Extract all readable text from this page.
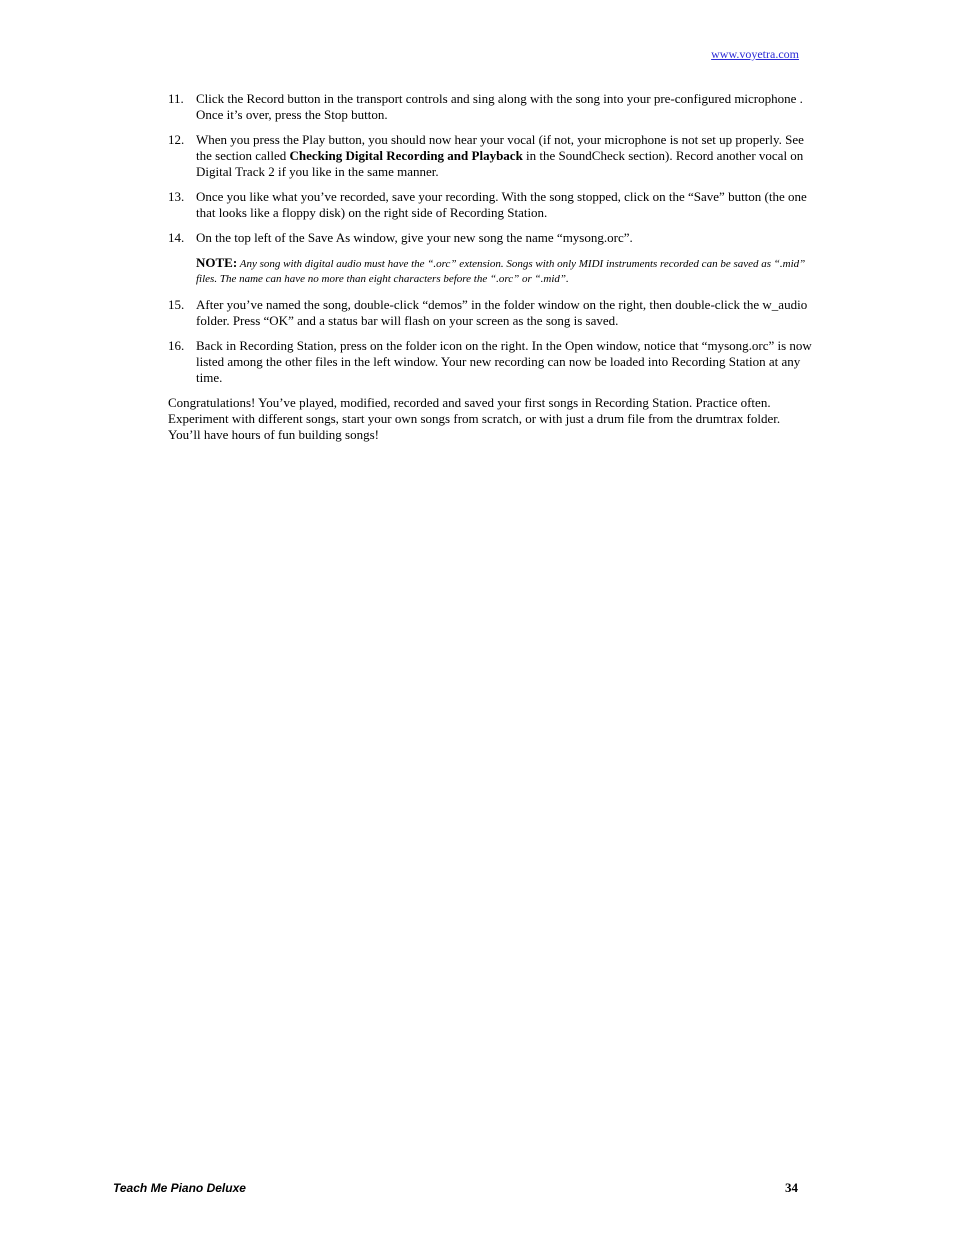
www.voyetra.com
11. Click the Record button in the transport controls and sing along with the song into your pre-configured microphone . Once it’s over, press the Stop button.
12. When you press the Play button, you should now hear your vocal (if not, your microphone is not set up properly. See the section called Checking Digital Recording and Playback in the SoundCheck section). Record another vocal on Digital Track 2 if you like in the same manner.
13. Once you like what you’ve recorded, save your recording. With the song stopped, click on the “Save” button (the one that looks like a floppy disk) on the right side of Recording Station.
14. On the top left of the Save As window, give your new song the name “mysong.orc”.
NOTE: Any song with digital audio must have the “.orc” extension. Songs with only MIDI instruments recorded can be saved as “.mid” files. The name can have no more than eight characters before the “.orc” or “.mid”.
15. After you’ve named the song, double-click “demos” in the folder window on the right, then double-click the w_audio folder. Press “OK” and a status bar will flash on your screen as the song is saved.
16. Back in Recording Station, press on the folder icon on the right. In the Open window, notice that “mysong.orc” is now listed among the other files in the left window. Your new recording can now be loaded into Recording Station at any time.

Congratulations! You’ve played, modified, recorded and saved your first songs in Recording Station. Practice often. Experiment with different songs, start your own songs from scratch, or with just a drum file from the drumtrax folder. You’ll have hours of fun building songs!

Teach Me Piano Deluxe	34
